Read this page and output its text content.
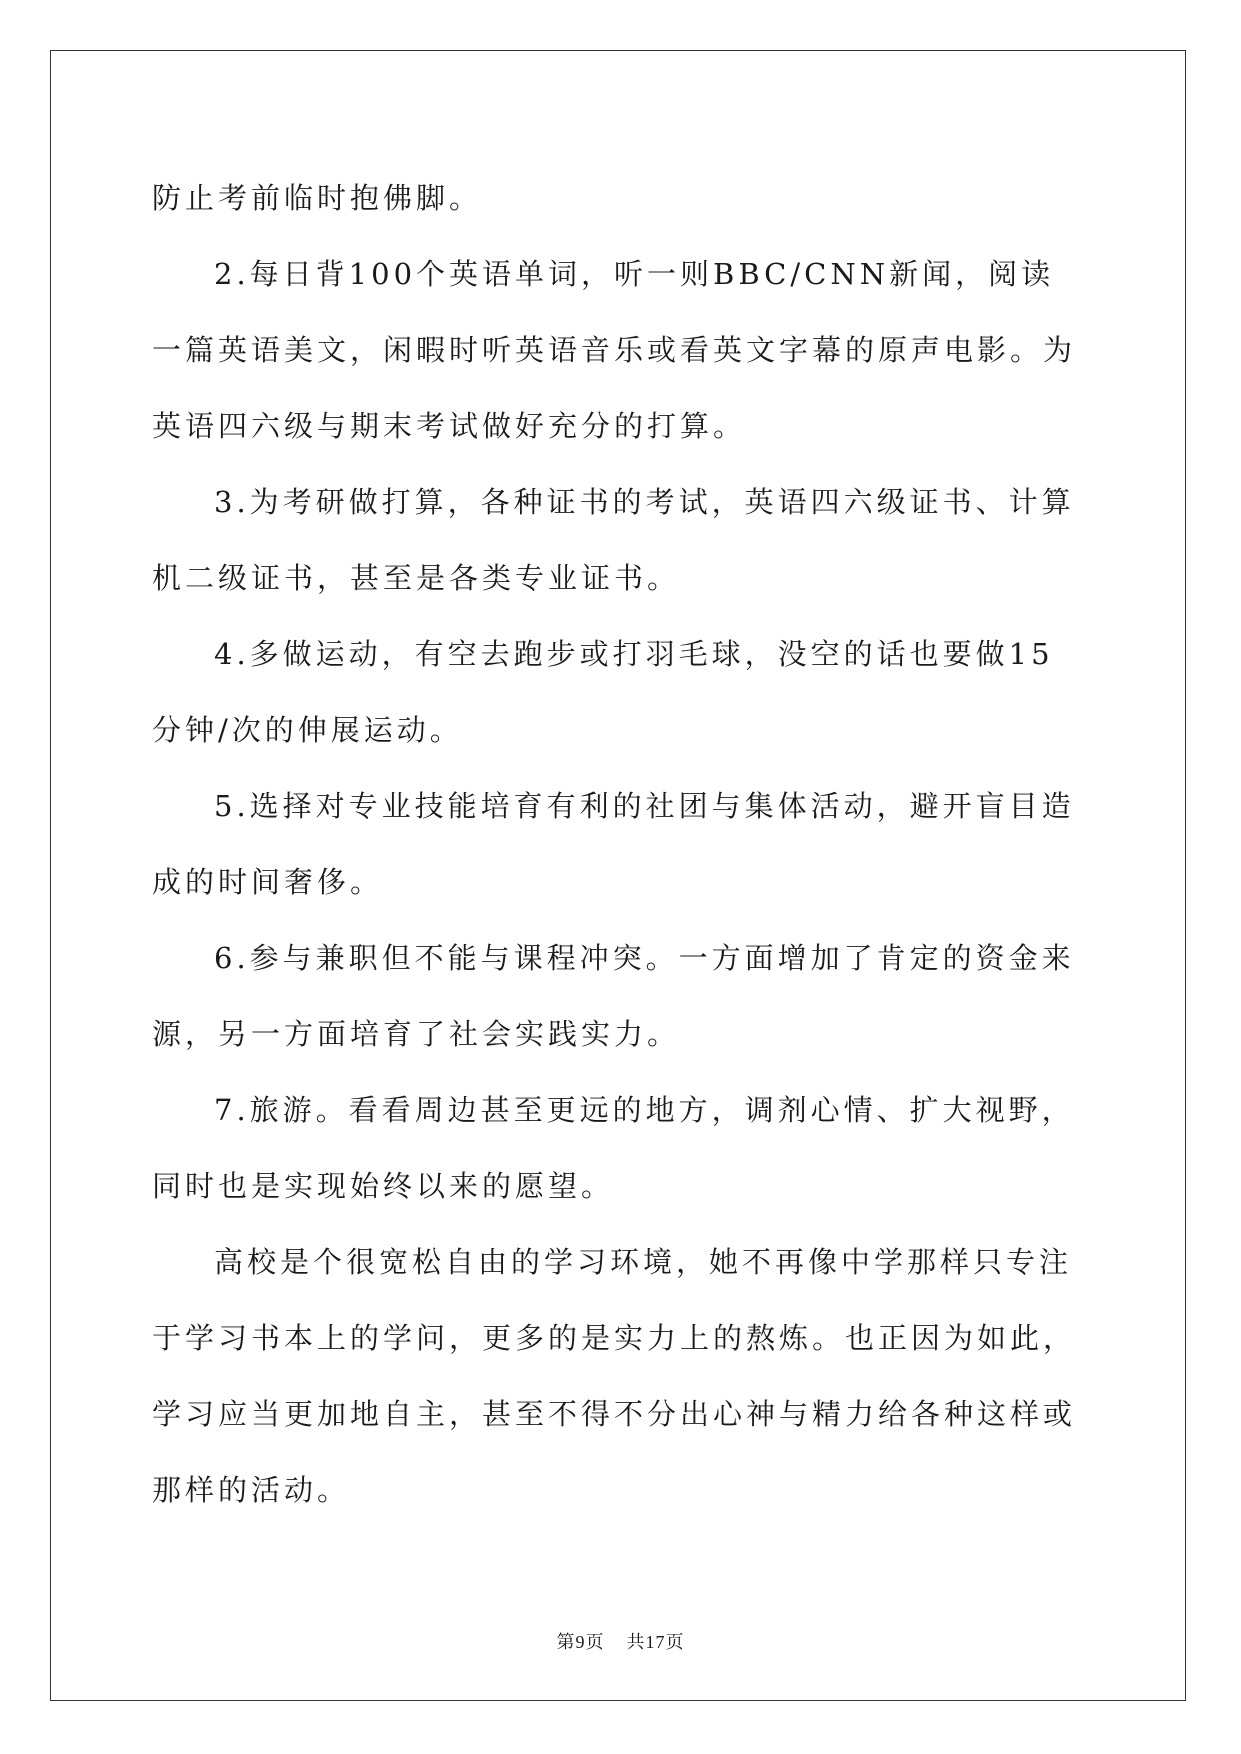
防止考前临时抱佛脚。

2.每日背100个英语单词，听一则BBC/CNN新闻，阅读一篇英语美文，闲暇时听英语音乐或看英文字幕的原声电影。为英语四六级与期末考试做好充分的打算。

3.为考研做打算，各种证书的考试，英语四六级证书、计算机二级证书，甚至是各类专业证书。

4.多做运动，有空去跑步或打羽毛球，没空的话也要做15分钟/次的伸展运动。

5.选择对专业技能培育有利的社团与集体活动，避开盲目造成的时间奢侈。

6.参与兼职但不能与课程冲突。一方面增加了肯定的资金来源，另一方面培育了社会实践实力。

7.旅游。看看周边甚至更远的地方，调剂心情、扩大视野，同时也是实现始终以来的愿望。

高校是个很宽松自由的学习环境，她不再像中学那样只专注于学习书本上的学问，更多的是实力上的熬炼。也正因为如此，学习应当更加地自主，甚至不得不分出心神与精力给各种这样或那样的活动。

第9页 共17页
